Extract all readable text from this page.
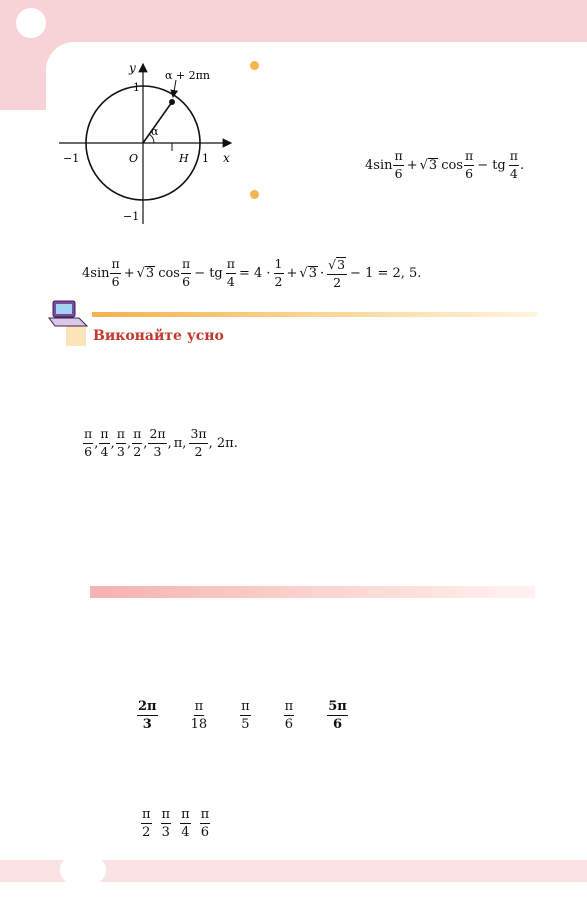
y
x
α + 2πn
α
1
1
−1
−1
O	H	$4\sin \frac{\pi}{6} + √3$ $\cos \frac{\pi}{6}$ − tg $\frac{\pi}{4}$ .
$4\sin \frac{\pi}{6} + √3$ $\cos \frac{\pi}{6}$ − tg $\frac{\pi}{4} = 4 \cdot \frac{1}{2} + √3 \cdot \frac{√3}{2} - 1 = 2$, 5.
Виконайте усно
$\frac{\pi}{6}$ , $\frac{\pi}{4}$ , $\frac{\pi}{3}$ , $\frac{\pi}{2}$ , $\frac{2\pi}{3}$ , π, $\frac{3\pi}{2}$ , 2π.
$\frac{2\pi}{3}$	$\frac{\pi}{18}$	$\frac{\pi}{5}$	$\frac{\pi}{6}$	$\frac{5\pi}{6}$
$\frac{\pi}{2} \frac{\pi}{3} \frac{\pi}{4} \frac{\pi}{6}$
